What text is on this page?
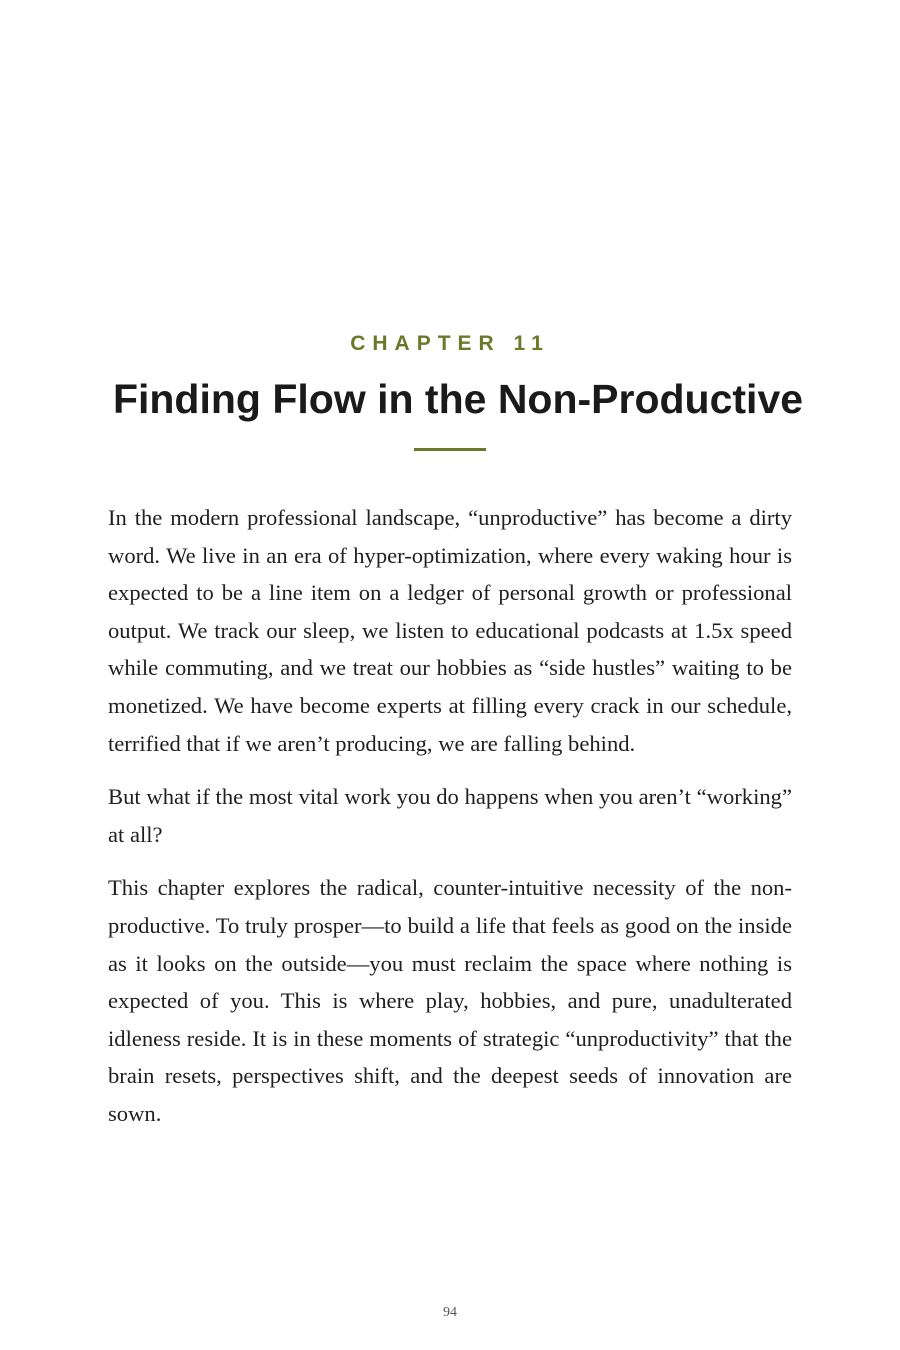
CHAPTER 11
Finding Flow in the Non-Productive

In the modern professional landscape, “unproductive” has become a dirty word. We live in an era of hyper-optimization, where every waking hour is expected to be a line item on a ledger of personal growth or professional output. We track our sleep, we listen to educational podcasts at 1.5x speed while commuting, and we treat our hobbies as “side hustles” waiting to be monetized. We have become experts at filling every crack in our schedule, terrified that if we aren’t producing, we are falling behind.

But what if the most vital work you do happens when you aren’t “working” at all?

This chapter explores the radical, counter-intuitive necessity of the non-productive. To truly prosper—to build a life that feels as good on the inside as it looks on the outside—you must reclaim the space where nothing is expected of you. This is where play, hobbies, and pure, unadulterated idleness reside. It is in these moments of strategic “unproductivity” that the brain resets, perspectives shift, and the deepest seeds of innovation are sown.

94
